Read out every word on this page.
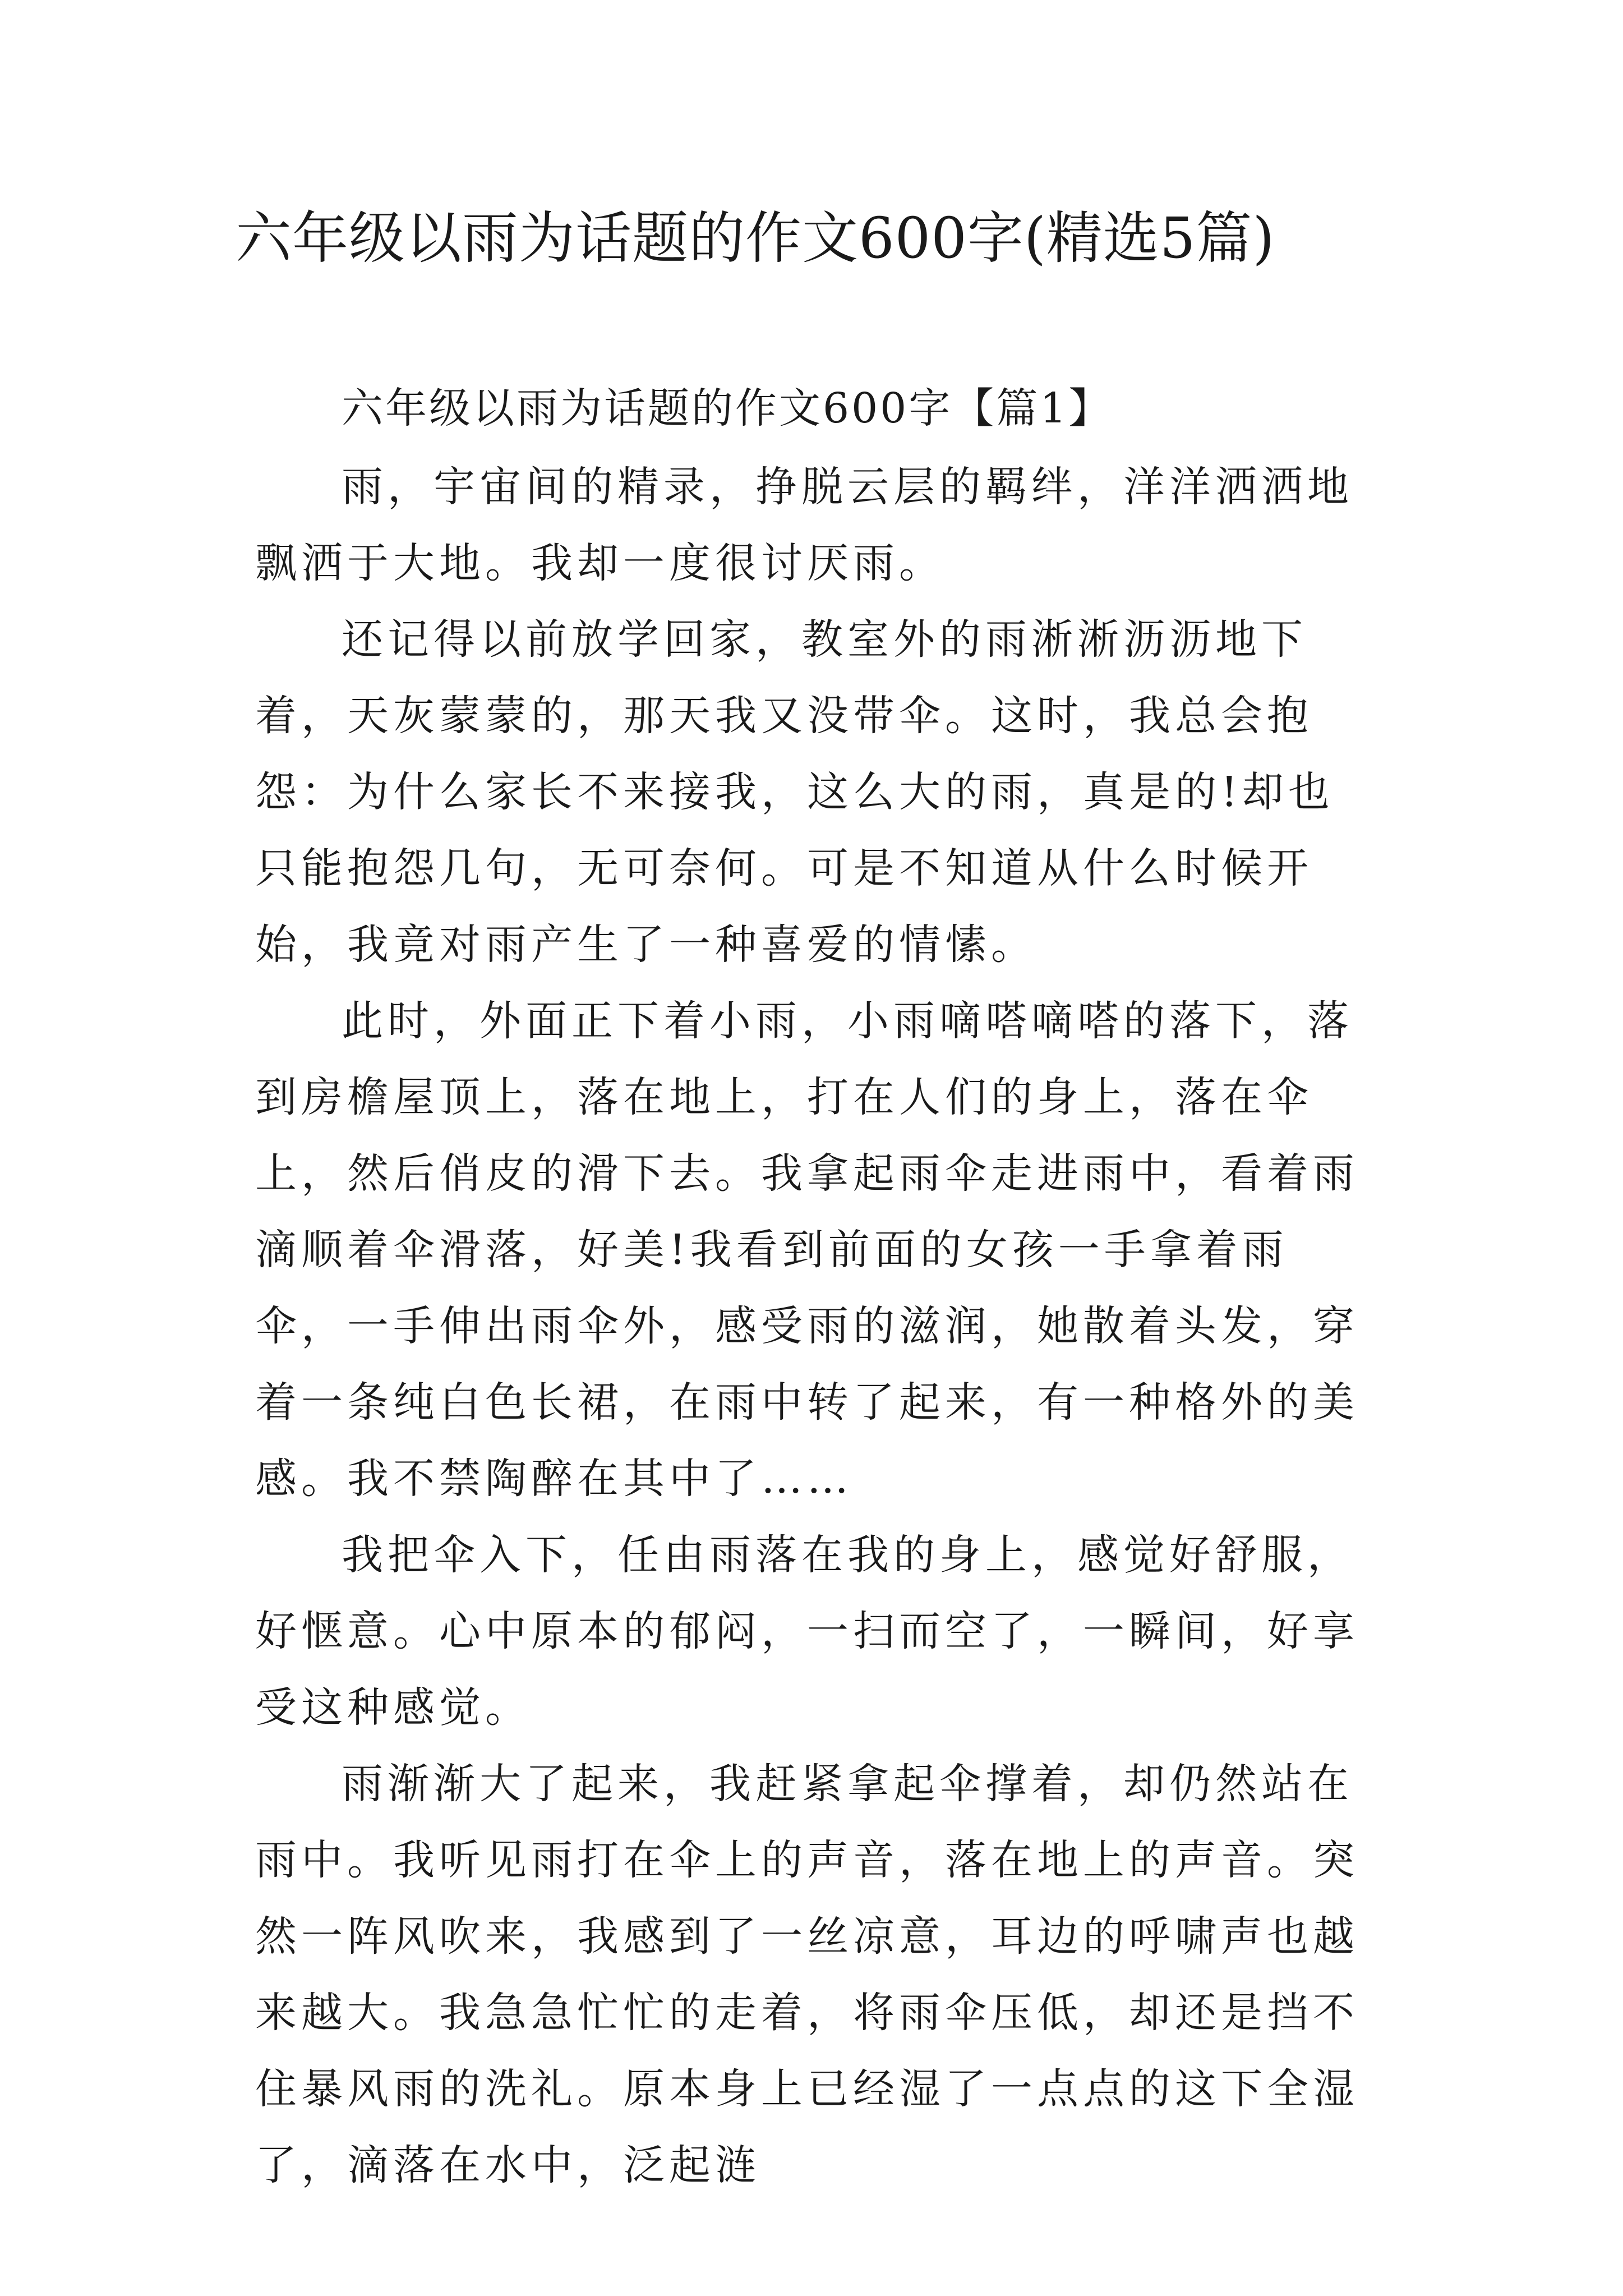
六年级以雨为话题的作文600字(精选5篇)

六年级以雨为话题的作文600字【篇1】

雨，宇宙间的精录，挣脱云层的羁绊，洋洋洒洒地飘洒于大地。我却一度很讨厌雨。

还记得以前放学回家，教室外的雨淅淅沥沥地下着，天灰蒙蒙的，那天我又没带伞。这时，我总会抱怨：为什么家长不来接我，这么大的雨，真是的!却也只能抱怨几句，无可奈何。可是不知道从什么时候开始，我竟对雨产生了一种喜爱的情愫。

此时，外面正下着小雨，小雨嘀嗒嘀嗒的落下，落到房檐屋顶上，落在地上，打在人们的身上，落在伞上，然后俏皮的滑下去。我拿起雨伞走进雨中，看着雨滴顺着伞滑落，好美!我看到前面的女孩一手拿着雨伞，一手伸出雨伞外，感受雨的滋润，她散着头发，穿着一条纯白色长裙，在雨中转了起来，有一种格外的美感。我不禁陶醉在其中了……

我把伞入下，任由雨落在我的身上，感觉好舒服，好惬意。心中原本的郁闷，一扫而空了，一瞬间，好享受这种感觉。

雨渐渐大了起来，我赶紧拿起伞撑着，却仍然站在雨中。我听见雨打在伞上的声音，落在地上的声音。突然一阵风吹来，我感到了一丝凉意，耳边的呼啸声也越来越大。我急急忙忙的走着，将雨伞压低，却还是挡不住暴风雨的洗礼。原本身上已经湿了一点点的这下全湿了，滴落在水中，泛起涟
